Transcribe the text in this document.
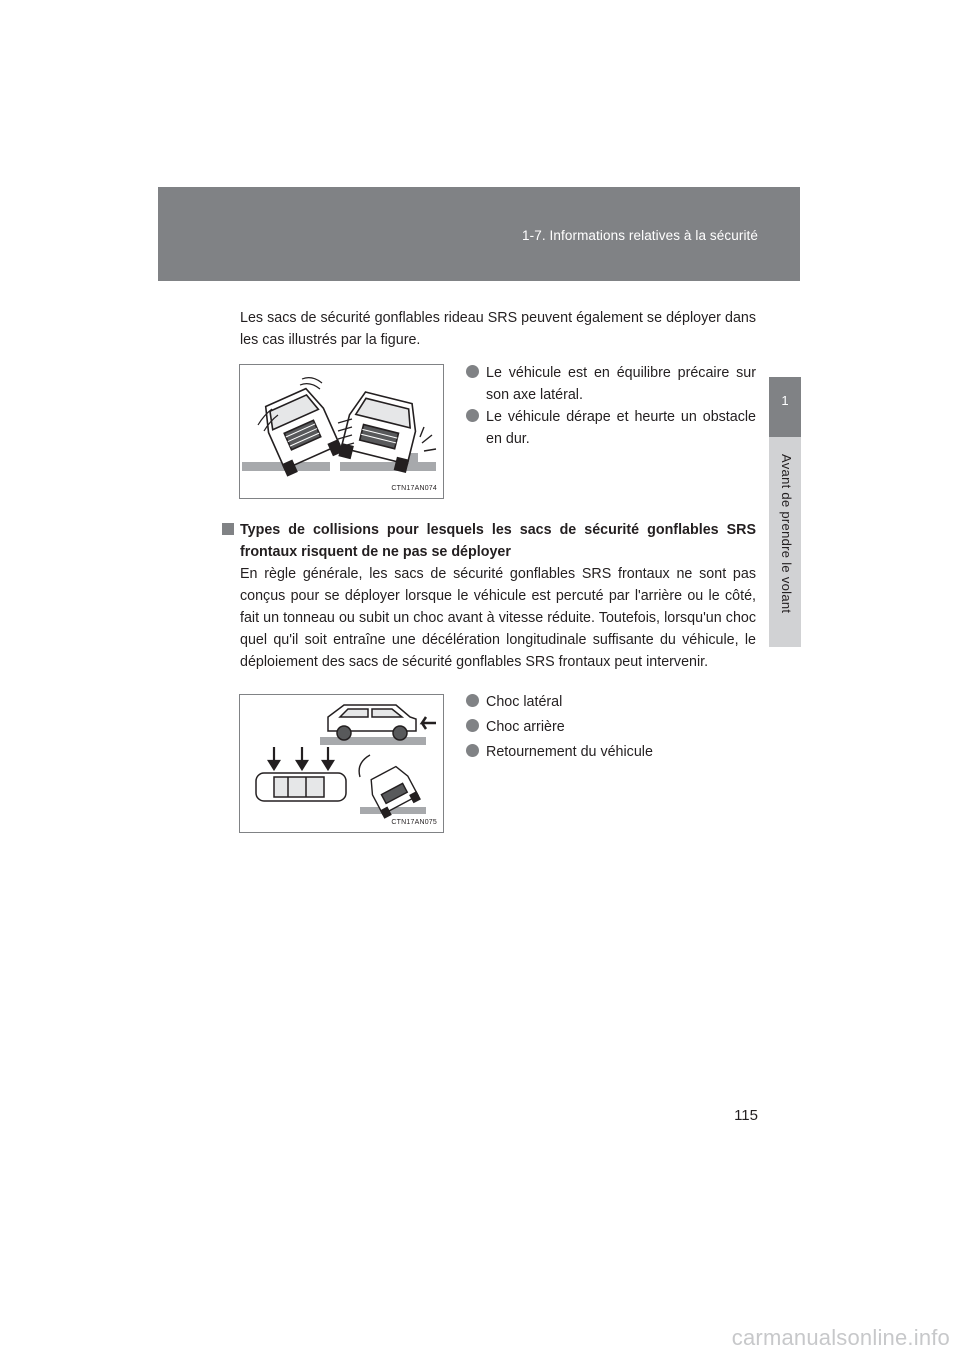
1-7. Informations relatives à la sécurité
1
Avant de prendre le volant

Les sacs de sécurité gonflables rideau SRS peuvent également se déployer dans les cas illustrés par la figure.

CTN17AN074
Le véhicule est en équilibre précaire sur son axe latéral.
Le véhicule dérape et heurte un obstacle en dur.
Types de collisions pour lesquels les sacs de sécurité gonflables SRS frontaux risquent de ne pas se déployer

En règle générale, les sacs de sécurité gonflables SRS frontaux ne sont pas conçus pour se déployer lorsque le véhicule est percuté par l'arrière ou le côté, fait un tonneau ou subit un choc avant à vitesse réduite. Toutefois, lorsqu'un choc quel qu'il soit entraîne une décélération longitudinale suffisante du véhicule, le déploiement des sacs de sécurité gonflables SRS frontaux peut intervenir.

CTN17AN075
Choc latéral
Choc arrière
Retournement du véhicule
115
carmanualsonline.info
